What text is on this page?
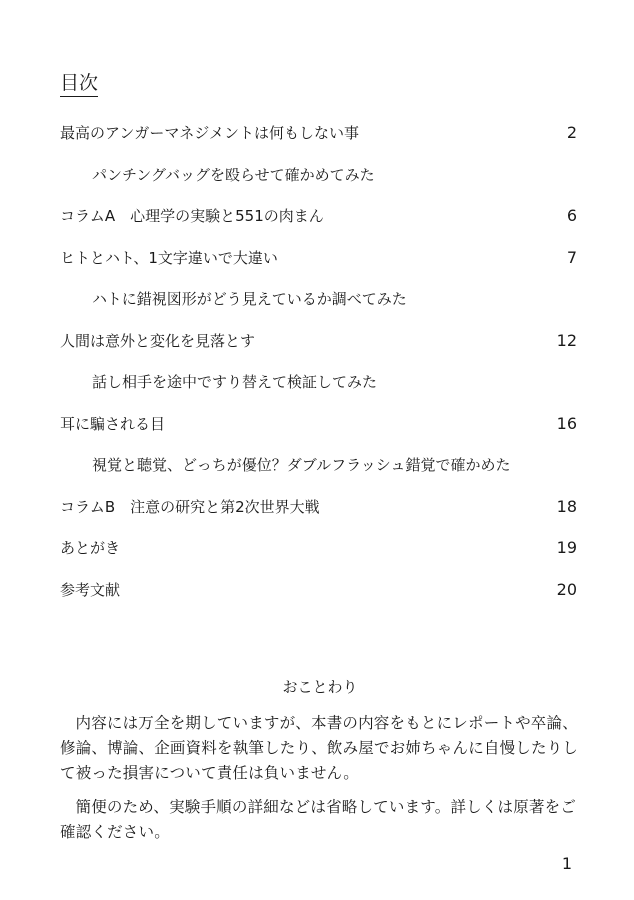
目次
最高のアンガーマネジメントは何もしない事	2
パンチングバッグを殴らせて確かめてみた
コラムA　心理学の実験と551の肉まん	6
ヒトとハト、1文字違いで大違い	7
ハトに錯視図形がどう見えているか調べてみた
人間は意外と変化を見落とす	12
話し相手を途中ですり替えて検証してみた
耳に騙される目	16
視覚と聴覚、どっちが優位？ダブルフラッシュ錯覚で確かめた
コラムB　注意の研究と第2次世界大戦	18
あとがき	19
参考文献	20
おことわり

内容には万全を期していますが、本書の内容をもとにレポートや卒論、修論、博論、企画資料を執筆したり、飲み屋でお姉ちゃんに自慢したりして被った損害について責任は負いません。

簡便のため、実験手順の詳細などは省略しています。詳しくは原著をご確認ください。

1
